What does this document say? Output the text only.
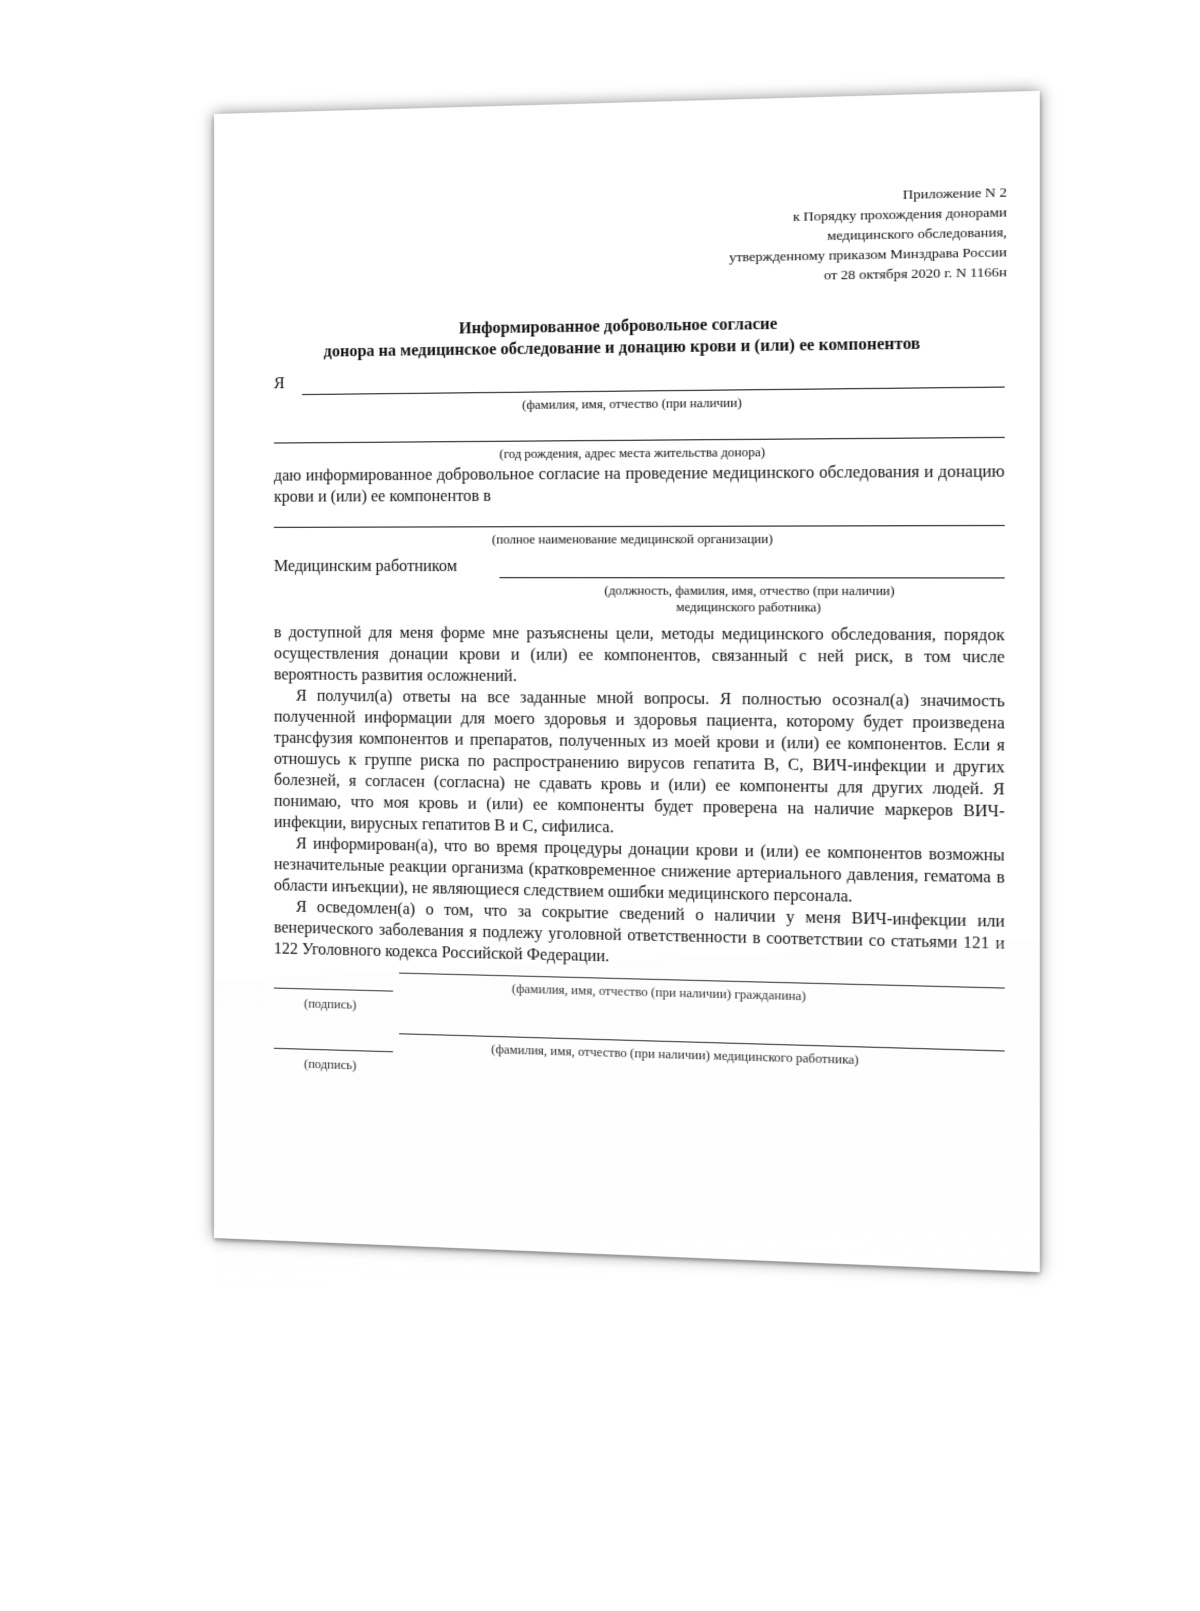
Приложение N 2
к Порядку прохождения донорами
медицинского обследования,
утвержденному приказом Минздрава России
от 28 октября 2020 г. N 1166н
Информированное добровольное согласие
донора на медицинское обследование и донацию крови и (или) ее компонентов
Я
(фамилия, имя, отчество (при наличии)
(год рождения, адрес места жительства донора)

даю информированное добровольное согласие на проведение медицинского обследования и донацию крови и (или) ее компонентов в

(полное наименование медицинской организации)
Медицинским работником
(должность, фамилия, имя, отчество (при наличии)
медицинского работника)

в доступной для меня форме мне разъяснены цели, методы медицинского обследования, порядок осуществления донации крови и (или) ее компонентов, связанный с ней риск, в том числе вероятность развития осложнений.

Я получил(а) ответы на все заданные мной вопросы. Я полностью осознал(а) значимость полученной информации для моего здоровья и здоровья пациента, которому будет произведена трансфузия компонентов и препаратов, полученных из моей крови и (или) ее компонентов. Если я отношусь к группе риска по распространению вирусов гепатита В, С, ВИЧ-инфекции и других болезней, я согласен (согласна) не сдавать кровь и (или) ее компоненты для других людей. Я понимаю, что моя кровь и (или) ее компоненты будет проверена на наличие маркеров ВИЧ-инфекции, вирусных гепатитов В и С, сифилиса.

Я информирован(а), что во время процедуры донации крови и (или) ее компонентов возможны незначительные реакции организма (кратковременное снижение артериального давления, гематома в области инъекции), не являющиеся следствием ошибки медицинского персонала.

Я осведомлен(а) о том, что за сокрытие сведений о наличии у меня ВИЧ-инфекции или венерического заболевания я подлежу уголовной ответственности в соответствии со статьями 121 и 122 Уголовного кодекса Российской Федерации.

(фамилия, имя, отчество (при наличии) гражданина)
(подпись)
(фамилия, имя, отчество (при наличии) медицинского работника)
(подпись)
